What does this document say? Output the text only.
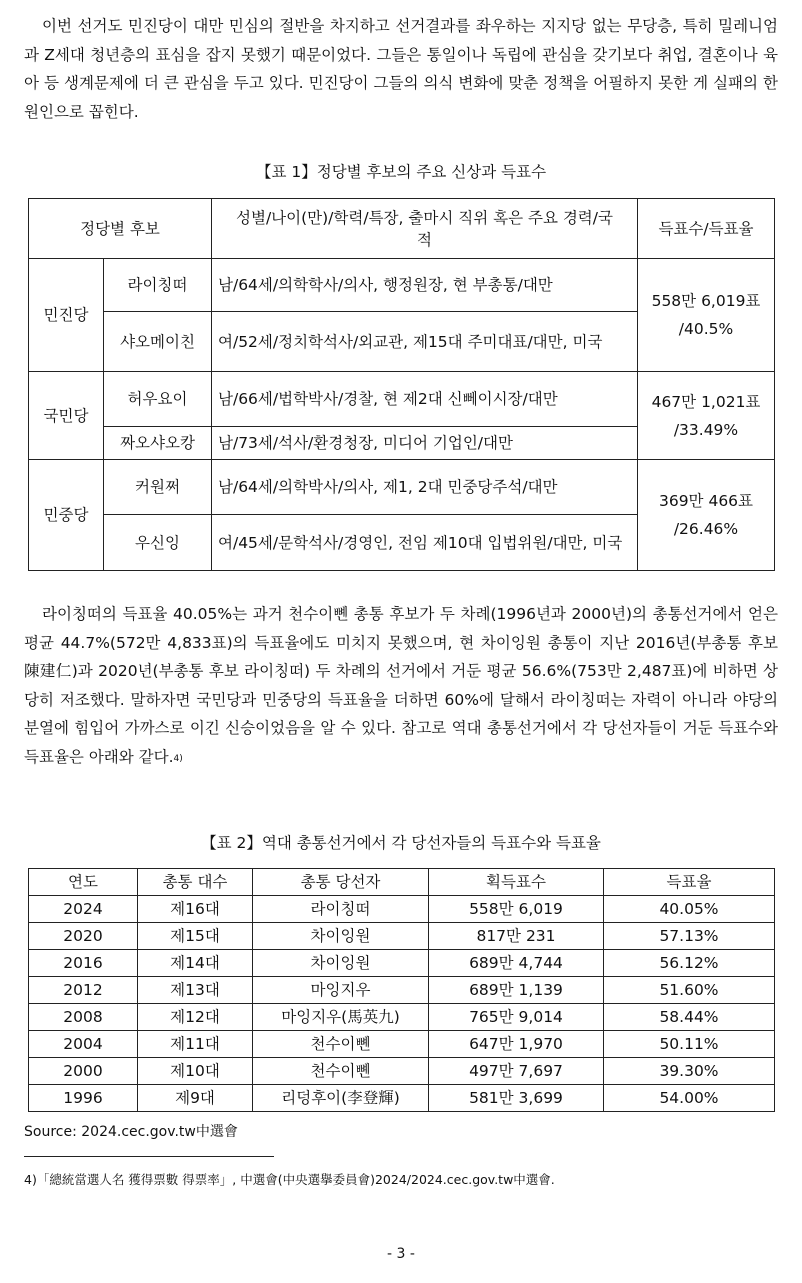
이번 선거도 민진당이 대만 민심의 절반을 차지하고 선거결과를 좌우하는 지지당 없는 무당층, 특히 밀레니엄과 Z세대 청년층의 표심을 잡지 못했기 때문이었다. 그들은 통일이나 독립에 관심을 갖기보다 취업, 결혼이나 육아 등 생계문제에 더 큰 관심을 두고 있다. 민진당이 그들의 의식 변화에 맞춘 정책을 어필하지 못한 게 실패의 한 원인으로 꼽힌다.

【표 1】정당별 후보의 주요 신상과 득표수
정당별 후보		성별/나이(만)/학력/특장, 출마시 직위 혹은 주요 경력/국적	득표수/득표율
민진당	라이칭떠	남/64세/의학학사/의사, 행정원장, 현 부총통/대만	558만 6,019표
/40.5%

	샤오메이친	여/52세/정치학석사/외교관, 제15대 주미대표/대만, 미국	
국민당	허우요이	남/66세/법학박사/경찰, 현 제2대 신뻬이시장/대만	467만 1,021표
/33.49%

	짜오샤오캉	남/73세/석사/환경청장, 미디어 기업인/대만	
민중당	커원쩌	남/64세/의학박사/의사, 제1, 2대 민중당주석/대만	369만 466표
/26.46%

	우신잉	여/45세/문학석사/경영인, 전임 제10대 입법위원/대만, 미국	

라이칭떠의 득표율 40.05%는 과거 천수이뼨 총통 후보가 두 차례(1996년과 2000년)의 총통선거에서 얻은 평균 44.7%(572만 4,833표)의 득표율에도 미치지 못했으며, 현 차이잉원 총통이 지난 2016년(부총통 후보 陳建仁)과 2020년(부총통 후보 라이칭떠) 두 차례의 선거에서 거둔 평균 56.6%(753만 2,487표)에 비하면 상당히 저조했다. 말하자면 국민당과 민중당의 득표율을 더하면 60%에 달해서 라이칭떠는 자력이 아니라 야당의 분열에 힘입어 가까스로 이긴 신승이었음을 알 수 있다. 참고로 역대 총통선거에서 각 당선자들이 거둔 득표수와 득표율은 아래와 같다.$^{4)}$

【표 2】역대 총통선거에서 각 당선자들의 득표수와 득표율
연도	총통 대수	총통 당선자	획득표수	득표율
2024	제16대	라이칭떠	558만 6,019	40.05%
2020	제15대	차이잉원	817만 231	57.13%
2016	제14대	차이잉원	689만 4,744	56.12%
2012	제13대	마잉지우	689만 1,139	51.60%
2008	제12대	마잉지우(馬英九)	765만 9,014	58.44%
2004	제11대	천수이뼨	647만 1,970	50.11%
2000	제10대	천수이뼨	497만 7,697	39.30%
1996	제9대	리덩후이(李登輝)	581만 3,699	54.00%
Source: 2024.cec.gov.tw中選會
4)「總統當選人名 獲得票數 得票率」, 中選會(中央選擧委員會)2024/2024.cec.gov.tw中選會.
- 3 -
